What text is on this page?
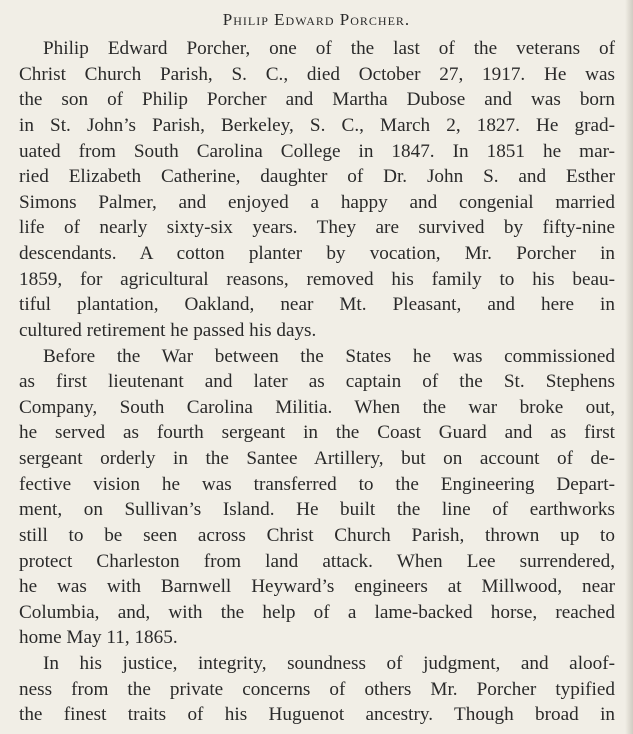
Philip Edward Porcher.
Philip Edward Porcher, one of the last of the veterans of
Christ Church Parish, S. C., died October 27, 1917. He was
the son of Philip Porcher and Martha Dubose and was born
in St. John’s Parish, Berkeley, S. C., March 2, 1827. He grad-
uated from South Carolina College in 1847. In 1851 he mar-
ried Elizabeth Catherine, daughter of Dr. John S. and Esther
Simons Palmer, and enjoyed a happy and congenial married
life of nearly sixty-six years. They are survived by fifty-nine
descendants. A cotton planter by vocation, Mr. Porcher in
1859, for agricultural reasons, removed his family to his beau-
tiful plantation, Oakland, near Mt. Pleasant, and here in
cultured retirement he passed his days.
Before the War between the States he was commissioned
as first lieutenant and later as captain of the St. Stephens
Company, South Carolina Militia. When the war broke out,
he served as fourth sergeant in the Coast Guard and as first
sergeant orderly in the Santee Artillery, but on account of de-
fective vision he was transferred to the Engineering Depart-
ment, on Sullivan’s Island. He built the line of earthworks
still to be seen across Christ Church Parish, thrown up to
protect Charleston from land attack. When Lee surrendered,
he was with Barnwell Heyward’s engineers at Millwood, near
Columbia, and, with the help of a lame-backed horse, reached
home May 11, 1865.
In his justice, integrity, soundness of judgment, and aloof-
ness from the private concerns of others Mr. Porcher typified
the finest traits of his Huguenot ancestry. Though broad in
